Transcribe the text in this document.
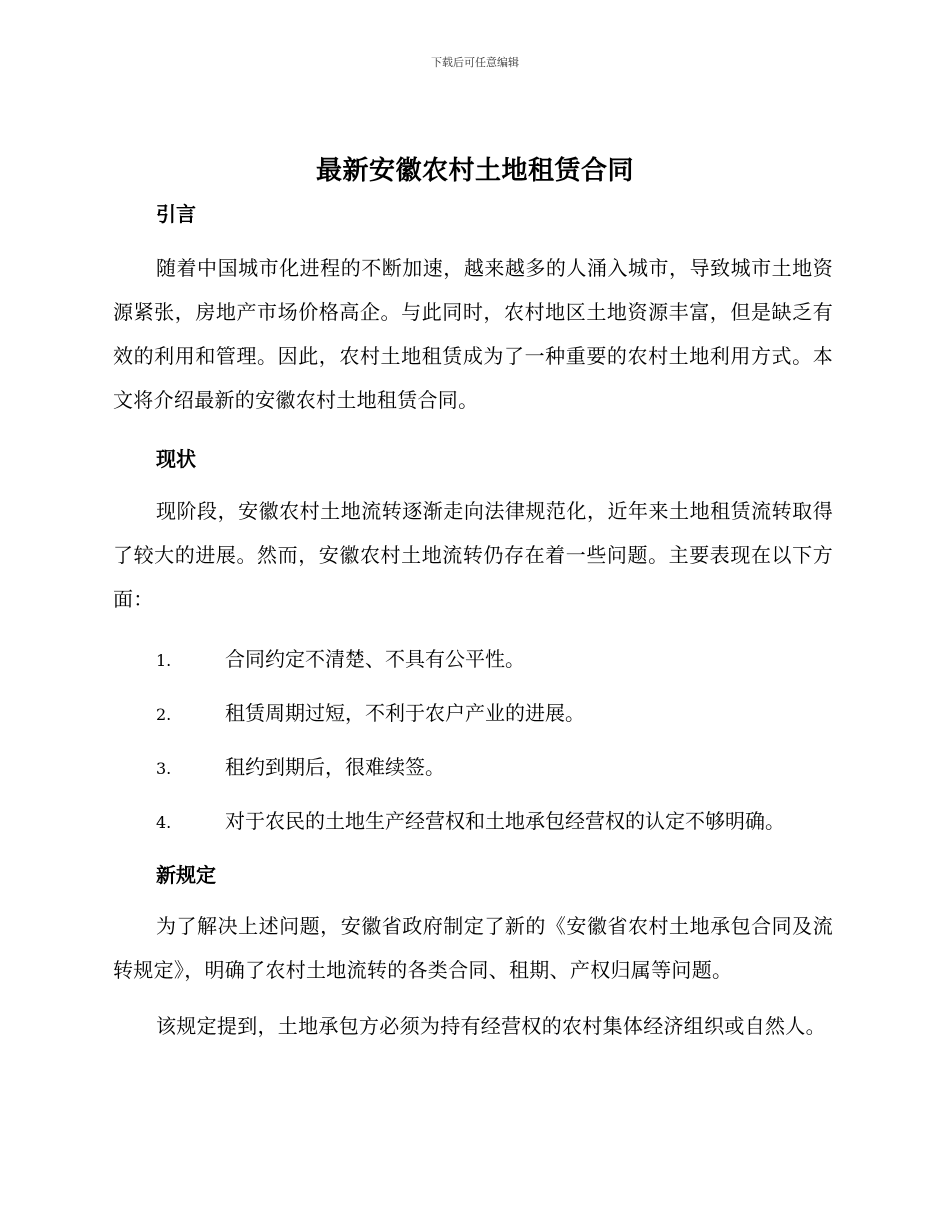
下载后可任意编辑
最新安徽农村土地租赁合同
引言
随着中国城市化进程的不断加速，越来越多的人涌入城市，导致城市土地资源紧张，房地产市场价格高企。与此同时，农村地区土地资源丰富，但是缺乏有效的利用和管理。因此，农村土地租赁成为了一种重要的农村土地利用方式。本文将介绍最新的安徽农村土地租赁合同。
现状
现阶段，安徽农村土地流转逐渐走向法律规范化，近年来土地租赁流转取得了较大的进展。然而，安徽农村土地流转仍存在着一些问题。主要表现在以下方面：
1.	合同约定不清楚、不具有公平性。
2.	租赁周期过短，不利于农户产业的进展。
3.	租约到期后，很难续签。
4.	对于农民的土地生产经营权和土地承包经营权的认定不够明确。
新规定
为了解决上述问题，安徽省政府制定了新的《安徽省农村土地承包合同及流转规定》，明确了农村土地流转的各类合同、租期、产权归属等问题。
该规定提到，土地承包方必须为持有经营权的农村集体经济组织或自然人。
